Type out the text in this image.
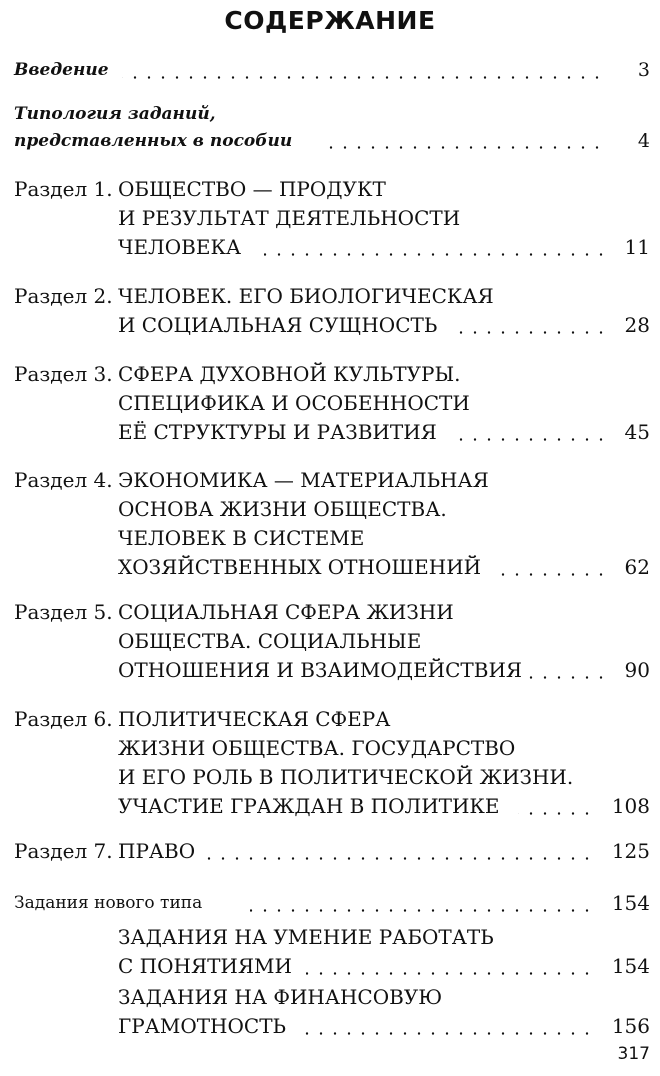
СОДЕРЖАНИЕ
Введение	3
Типология заданий,
представленных в пособии	4
Раздел 1. ОБЩЕСТВО — ПРОДУКТ
И РЕЗУЛЬТАТ ДЕЯТЕЛЬНОСТИ
ЧЕЛОВЕКА	11
Раздел 2. ЧЕЛОВЕК. ЕГО БИОЛОГИЧЕСКАЯ
И СОЦИАЛЬНАЯ СУЩНОСТЬ	28
Раздел 3. СФЕРА ДУХОВНОЙ КУЛЬТУРЫ.
СПЕЦИФИКА И ОСОБЕННОСТИ
ЕЁ СТРУКТУРЫ И РАЗВИТИЯ	45
Раздел 4. ЭКОНОМИКА — МАТЕРИАЛЬНАЯ
ОСНОВА ЖИЗНИ ОБЩЕСТВА.
ЧЕЛОВЕК В СИСТЕМЕ
ХОЗЯЙСТВЕННЫХ ОТНОШЕНИЙ	62
Раздел 5. СОЦИАЛЬНАЯ СФЕРА ЖИЗНИ
ОБЩЕСТВА. СОЦИАЛЬНЫЕ
ОТНОШЕНИЯ И ВЗАИМОДЕЙСТВИЯ	90
Раздел 6. ПОЛИТИЧЕСКАЯ СФЕРА
ЖИЗНИ ОБЩЕСТВА. ГОСУДАРСТВО
И ЕГО РОЛЬ В ПОЛИТИЧЕСКОЙ ЖИЗНИ.
УЧАСТИЕ ГРАЖДАН В ПОЛИТИКЕ	108
Раздел 7. ПРАВО	125
Задания нового типа	154
ЗАДАНИЯ НА УМЕНИЕ РАБОТАТЬ
С ПОНЯТИЯМИ	154
ЗАДАНИЯ НА ФИНАНСОВУЮ
ГРАМОТНОСТЬ	156
317
